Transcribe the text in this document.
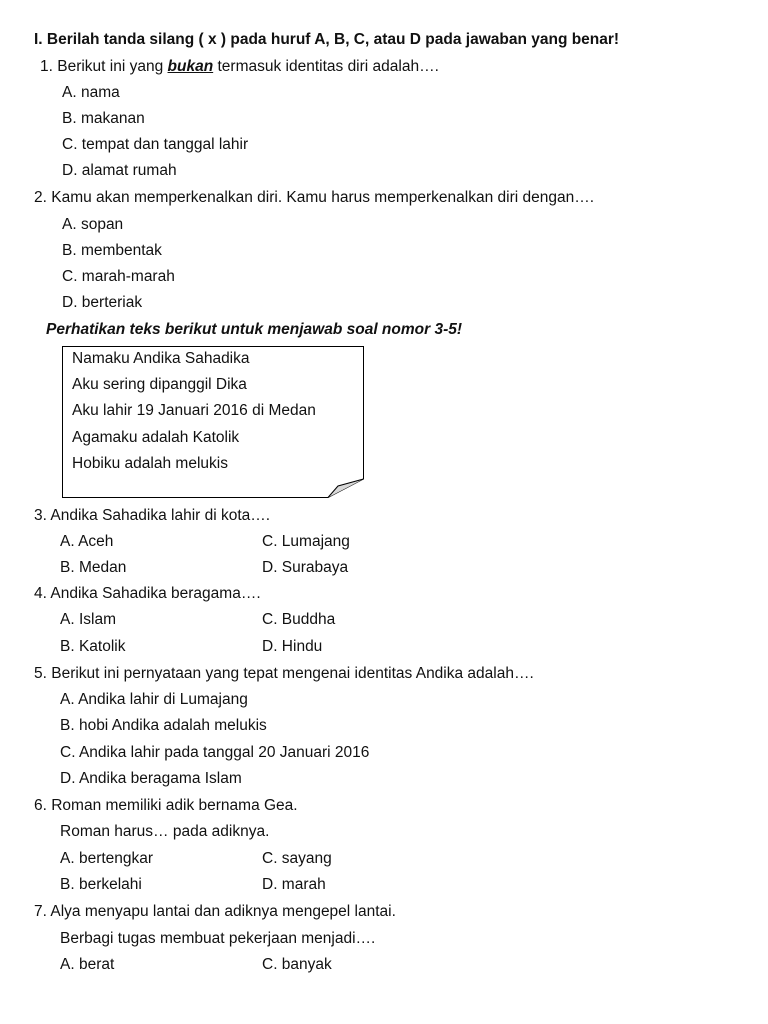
I. Berilah tanda silang ( x ) pada huruf A, B, C, atau D pada jawaban yang benar!
1. Berikut ini yang bukan termasuk identitas diri adalah….
A. nama
B. makanan
C. tempat dan tanggal lahir
D. alamat rumah
2. Kamu akan memperkenalkan diri. Kamu harus memperkenalkan diri dengan….
A. sopan
B. membentak
C. marah-marah
D. berteriak
Perhatikan teks berikut untuk menjawab soal nomor 3-5!
Namaku Andika Sahadika
Aku sering dipanggil Dika
Aku lahir 19 Januari 2016 di Medan
Agamaku adalah Katolik
Hobiku adalah melukis
3. Andika Sahadika lahir di kota….
A. Aceh	C. Lumajang
B. Medan	D. Surabaya
4. Andika Sahadika beragama….
A. Islam	C. Buddha
B. Katolik	D. Hindu
5. Berikut ini pernyataan yang tepat mengenai identitas Andika adalah….
A. Andika lahir di Lumajang
B. hobi Andika adalah melukis
C. Andika lahir pada tanggal 20 Januari 2016
D. Andika beragama Islam
6. Roman memiliki adik bernama Gea.
Roman harus… pada adiknya.
A. bertengkar	C. sayang
B. berkelahi	D. marah
7. Alya menyapu lantai dan adiknya mengepel lantai.
Berbagi tugas membuat pekerjaan menjadi….
A. berat	C. banyak
